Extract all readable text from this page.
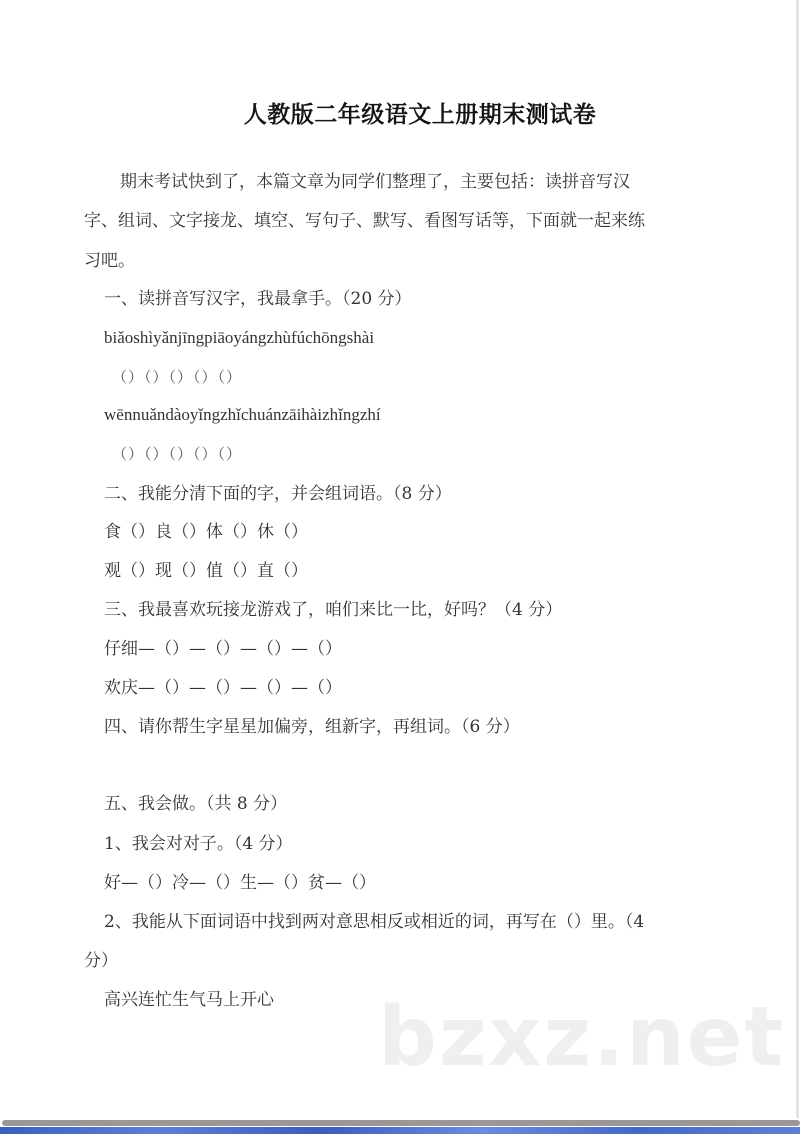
人教版二年级语文上册期末测试卷
期末考试快到了，本篇文章为同学们整理了，主要包括：读拼音写汉
字、组词、文字接龙、填空、写句子、默写、看图写话等，下面就一起来练
习吧。
一、读拼音写汉字，我最拿手。（20 分）
biǎoshìyǎnjīngpiāoyángzhùfúchōngshài
（）（）（）（）（）
wēnnuǎndàoyǐngzhǐchuánzāihàizhǐngzhí
（）（）（）（）（）
二、我能分清下面的字，并会组词语。（8 分）
食（）良（）体（）休（）
观（）现（）值（）直（）
三、我最喜欢玩接龙游戏了，咱们来比一比，好吗？（4 分）
仔细—（）—（）—（）—（）
欢庆—（）—（）—（）—（）
四、请你帮生字星星加偏旁，组新字，再组词。（6 分）
五、我会做。（共 8 分）
1、我会对对子。（4 分）
好—（）冷—（）生—（）贫—（）
2、我能从下面词语中找到两对意思相反或相近的词，再写在（）里。（4
分）
高兴连忙生气马上开心 bzxz.net
